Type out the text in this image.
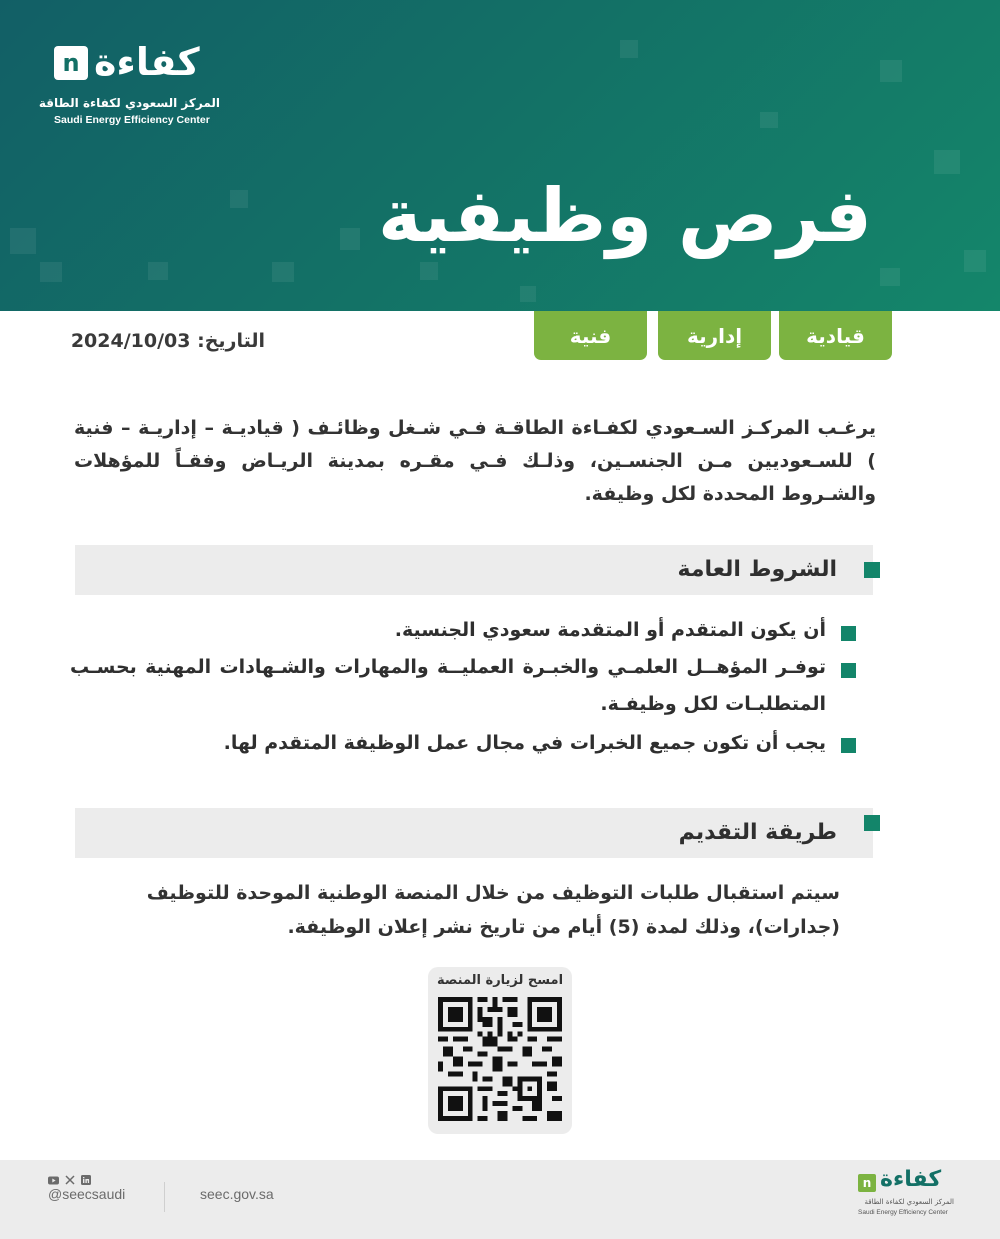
n كفاءة
المركز السعودي لكفاءة الطاقة
Saudi Energy Efficiency Center
فرص وظيفية
قيادية
إدارية
فنية
التاريخ: 2024/10/03
يرغـب المركـز السـعودي لكفـاءة الطاقـة فـي شـغل وظائـف ( قياديـة – إداريـة – فنية ) للسـعوديين مـن الجنسـين، وذلـك فـي مقـره بمدينة الريـاض وفقـاً للمؤهلات والشـروط المحددة لكل وظيفة.
الشروط العامة
أن يكون المتقدم أو المتقدمة سعودي الجنسية.
توفـر المؤهــل العلمـي والخبـرة العمليــة والمهارات والشـهادات المهنية بحسـب المتطلبـات لكل وظيفـة.
يجب أن تكون جميع الخبرات في مجال عمل الوظيفة المتقدم لها.
طريقة التقديم
سيتم استقبال طلبات التوظيف من خلال المنصة الوطنية الموحدة للتوظيف (جدارات)، وذلك لمدة (5) أيام من تاريخ نشر إعلان الوظيفة.
امسح لزيارة المنصة
@seecsaudi	seec.gov.sa
n كفاءة
المركز السعودي لكفاءة الطاقة
Saudi Energy Efficiency Center
